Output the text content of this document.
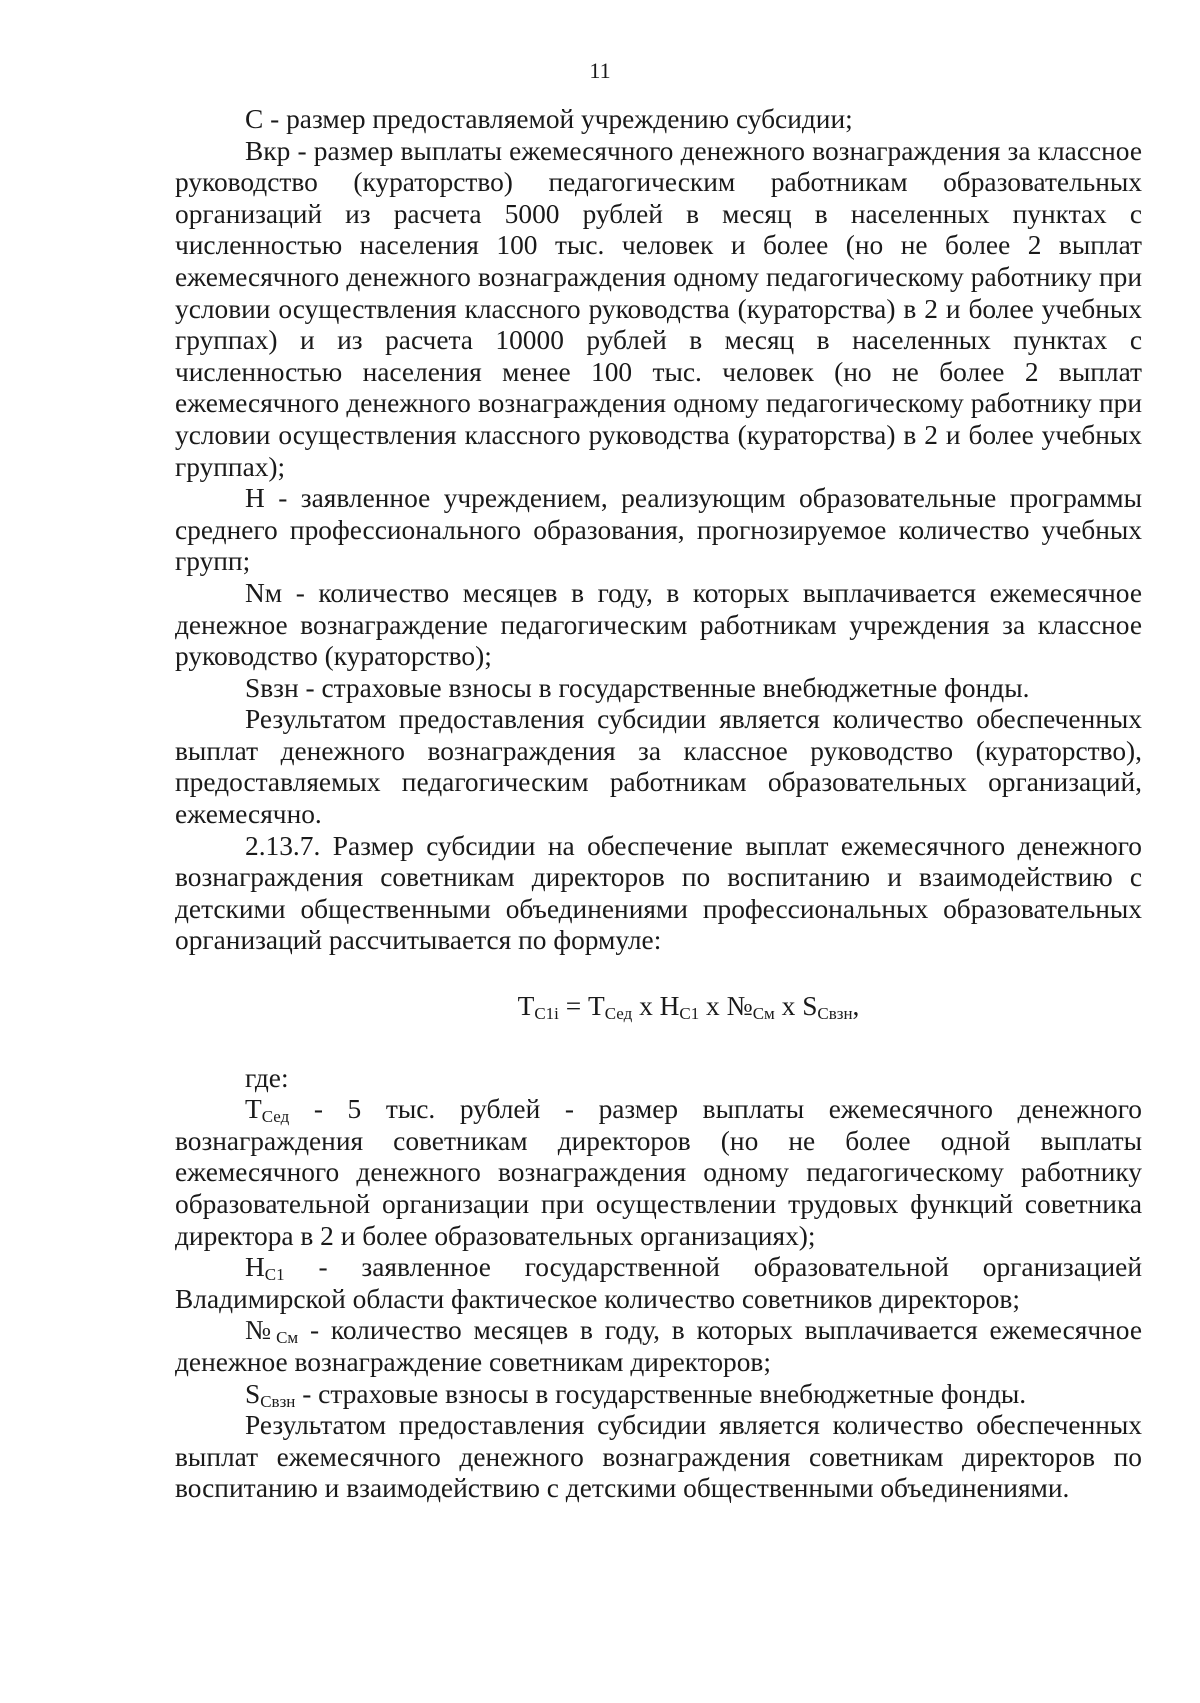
11

С - размер предоставляемой учреждению субсидии;

Вкр - размер выплаты ежемесячного денежного вознаграждения за классное руководство (кураторство) педагогическим работникам образовательных организаций из расчета 5000 рублей в месяц в населенных пунктах с численностью населения 100 тыс. человек и более (но не более 2 выплат ежемесячного денежного вознаграждения одному педагогическому работнику при условии осуществления классного руководства (кураторства) в 2 и более учебных группах) и из расчета 10000 рублей в месяц в населенных пунктах с численностью населения менее 100 тыс. человек (но не более 2 выплат ежемесячного денежного вознаграждения одному педагогическому работнику при условии осуществления классного руководства (кураторства) в 2 и более учебных группах);

Н - заявленное учреждением, реализующим образовательные программы среднего профессионального образования, прогнозируемое количество учебных групп;

Nм - количество месяцев в году, в которых выплачивается ежемесячное денежное вознаграждение педагогическим работникам учреждения за классное руководство (кураторство);

Sвзн - страховые взносы в государственные внебюджетные фонды.

Результатом предоставления субсидии является количество обеспеченных выплат денежного вознаграждения за классное руководство (кураторство), предоставляемых педагогическим работникам образовательных организаций, ежемесячно.

2.13.7. Размер субсидии на обеспечение выплат ежемесячного денежного вознаграждения советникам директоров по воспитанию и взаимодействию с детскими общественными объединениями профессиональных образовательных организаций рассчитывается по формуле:

$Т_{С1i} = Т_{Сед}$ х $Н_{С1}$ х $№_{См}$ х $S_{Свзн}$,

где:

$Т_{Сед} - 5$ тыс. рублей - размер выплаты ежемесячного денежного вознаграждения советникам директоров (но не более одной выплаты ежемесячного денежного вознаграждения одному педагогическому работнику образовательной организации при осуществлении трудовых функций советника директора в 2 и более образовательных организациях);

$Н_{С1}$ - заявленное государственной образовательной организацией Владимирской области фактическое количество советников директоров;

$№_{См}$ - количество месяцев в году, в которых выплачивается ежемесячное денежное вознаграждение советникам директоров;

$S_{Свзн}$ - страховые взносы в государственные внебюджетные фонды.

Результатом предоставления субсидии является количество обеспеченных выплат ежемесячного денежного вознаграждения советникам директоров по воспитанию и взаимодействию с детскими общественными объединениями.
